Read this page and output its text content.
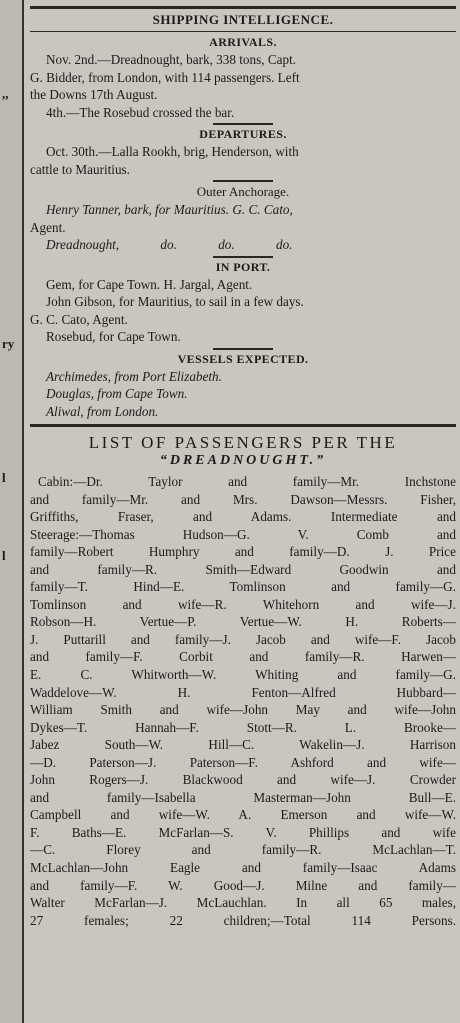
,,
ry
l
l
SHIPPING INTELLIGENCE.
ARRIVALS.

Nov. 2nd.—Dreadnought, bark, 338 tons, Capt.

G. Bidder, from London, with 114 passengers. Left

the Downs 17th August.

4th.—The Rosebud crossed the bar.

DEPARTURES.

Oct. 30th.—Lalla Rookh, brig, Henderson, with

cattle to Mauritius.

Outer Anchorage.

Henry Tanner, bark, for Mauritius. G. C. Cato,

Agent.

Dreadnought, do. do. do.

IN PORT.

Gem, for Cape Town. H. Jargal, Agent.

John Gibson, for Mauritius, to sail in a few days.

G. C. Cato, Agent.

Rosebud, for Cape Town.

VESSELS EXPECTED.

Archimedes, from Port Elizabeth.

Douglas, from Cape Town.

Aliwal, from London.

LIST OF PASSENGERS PER THE
“DREADNOUGHT.”

Cabin:—Dr. Taylor and family—Mr. Inchstone

and family—Mr. and Mrs. Dawson—Messrs. Fisher,

Griffiths, Fraser, and Adams. Intermediate and

Steerage:—Thomas Hudson—G. V. Comb and

family—Robert Humphry and family—D. J. Price

and family—R. Smith—Edward Goodwin and

family—T. Hind—E. Tomlinson and family—G.

Tomlinson and wife—R. Whitehorn and wife—J.

Robson—H. Vertue—P. Vertue—W. H. Roberts—

J. Puttarill and family—J. Jacob and wife—F. Jacob

and family—F. Corbit and family—R. Harwen—

E. C. Whitworth—W. Whiting and family—G.

Waddelove—W. H. Fenton—Alfred Hubbard—

William Smith and wife—John May and wife—John

Dykes—T. Hannah—F. Stott—R. L. Brooke—

Jabez South—W. Hill—C. Wakelin—J. Harrison

—D. Paterson—J. Paterson—F. Ashford and wife—

John Rogers—J. Blackwood and wife—J. Crowder

and family—Isabella Masterman—John Bull—E.

Campbell and wife—W. A. Emerson and wife—W.

F. Baths—E. McFarlan—S. V. Phillips and wife

—C. Florey and family—R. McLachlan—T.

McLachlan—John Eagle and family—Isaac Adams

and family—F. W. Good—J. Milne and family—

Walter McFarlan—J. McLauchlan. In all 65 males,

27 females; 22 children;—Total 114 Persons.
